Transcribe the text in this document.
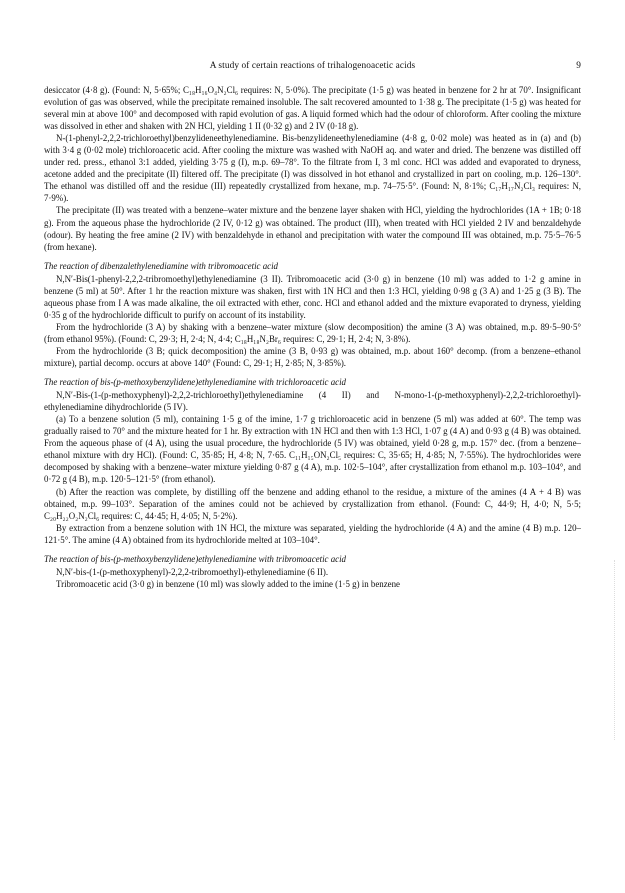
A study of certain reactions of trihalogenoacetic acids	9

desiccator (4·8 g). (Found: N, 5·65%; C₁₈H₁₆O₄N₂Cl₆ requires: N, 5·0%). The precipitate (1·5 g) was heated in benzene for 2 hr at 70°. Insignificant evolution of gas was observed, while the precipitate remained insoluble. The salt recovered amounted to 1·38 g. The precipitate (1·5 g) was heated for several min at above 100° and decomposed with rapid evolution of gas. A liquid formed which had the odour of chloroform. After cooling the mixture was dissolved in ether and shaken with 2N HCl, yielding 1 II (0·32 g) and 2 IV (0·18 g).

N-(1-phenyl-2,2,2-trichloroethyl)benzylideneethylenediamine. Bis-benzylideneethylenediamine (4·8 g, 0·02 mole) was heated as in (a) and (b) with 3·4 g (0·02 mole) trichloroacetic acid. After cooling the mixture was washed with NaOH aq. and water and dried. The benzene was distilled off under red. press., ethanol 3:1 added, yielding 3·75 g (I), m.p. 69–78°. To the filtrate from I, 3 ml conc. HCl was added and evaporated to dryness, acetone added and the precipitate (II) filtered off. The precipitate (I) was dissolved in hot ethanol and crystallized in part on cooling, m.p. 126–130°. The ethanol was distilled off and the residue (III) repeatedly crystallized from hexane, m.p. 74–75·5°. (Found: N, 8·1%; C₁₇H₁₇N₂Cl₃ requires: N, 7·9%).

The precipitate (II) was treated with a benzene–water mixture and the benzene layer shaken with HCl, yielding the hydrochlorides (1A + 1B; 0·18 g). From the aqueous phase the hydrochloride (2 IV, 0·12 g) was obtained. The product (III), when treated with HCl yielded 2 IV and benzaldehyde (odour). By heating the free amine (2 IV) with benzaldehyde in ethanol and precipitation with water the compound III was obtained, m.p. 75·5–76·5 (from hexane).

The reaction of dibenzalethylenediamine with tribromoacetic acid

N,N′-Bis(1-phenyl-2,2,2-tribromoethyl)ethylenediamine (3 II). Tribromoacetic acid (3·0 g) in benzene (10 ml) was added to 1·2 g amine in benzene (5 ml) at 50°. After 1 hr the reaction mixture was shaken, first with 1N HCl and then 1:3 HCl, yielding 0·98 g (3 A) and 1·25 g (3 B). The aqueous phase from I A was made alkaline, the oil extracted with ether, conc. HCl and ethanol added and the mixture evaporated to dryness, yielding 0·35 g of the hydrochloride difficult to purify on account of its instability.

From the hydrochloride (3 A) by shaking with a benzene–water mixture (slow decomposition) the amine (3 A) was obtained, m.p. 89·5–90·5° (from ethanol 95%). (Found: C, 29·3; H, 2·4; N, 4·4; C₁₈H₁₈N₂Br₆ requires: C, 29·1; H, 2·4; N, 3·8%).

From the hydrochloride (3 B; quick decomposition) the amine (3 B, 0·93 g) was obtained, m.p. about 160° decomp. (from a benzene–ethanol mixture), partial decomp. occurs at above 140° (Found: C, 29·1; H, 2·85; N, 3·85%).

The reaction of bis-(p-methoxybenzylidene)ethylenediamine with trichloroacetic acid

N,N′-Bis-(1-(p-methoxyphenyl)-2,2,2-trichloroethyl)ethylenediamine (4 II) and N-mono-1-(p-methoxyphenyl)-2,2,2-trichloroethyl)-ethylenediamine dihydrochloride (5 IV).

(a) To a benzene solution (5 ml), containing 1·5 g of the imine, 1·7 g trichloroacetic acid in benzene (5 ml) was added at 60°. The temp was gradually raised to 70° and the mixture heated for 1 hr. By extraction with 1N HCl and then with 1:3 HCl, 1·07 g (4 A) and 0·93 g (4 B) was obtained. From the aqueous phase of (4 A), using the usual procedure, the hydrochloride (5 IV) was obtained, yield 0·28 g, m.p. 157° dec. (from a benzene–ethanol mixture with dry HCl). (Found: C, 35·85; H, 4·8; N, 7·65. C₁₁H₁₅ON₂Cl₅ requires: C, 35·65; H, 4·85; N, 7·55%). The hydrochlorides were decomposed by shaking with a benzene–water mixture yielding 0·87 g (4 A), m.p. 102·5–104°, after crystallization from ethanol m.p. 103–104°, and 0·72 g (4 B), m.p. 120·5–121·5° (from ethanol).

(b) After the reaction was complete, by distilling off the benzene and adding ethanol to the residue, a mixture of the amines (4 A + 4 B) was obtained, m.p. 99–103°. Separation of the amines could not be achieved by crystallization from ethanol. (Found: C, 44·9; H, 4·0; N, 5·5; C₂₀H₂₂O₂N₂Cl₆ requires: C, 44·45; H, 4·05; N, 5·2%).

By extraction from a benzene solution with 1N HCl, the mixture was separated, yielding the hydrochloride (4 A) and the amine (4 B) m.p. 120–121·5°. The amine (4 A) obtained from its hydrochloride melted at 103–104°.

The reaction of bis-(p-methoxybenzylidene)ethylenediamine with tribromoacetic acid

N,N′-bis-(1-(p-methoxyphenyl)-2,2,2-tribromoethyl)-ethylenediamine (6 II).

Tribromoacetic acid (3·0 g) in benzene (10 ml) was slowly added to the imine (1·5 g) in benzene
